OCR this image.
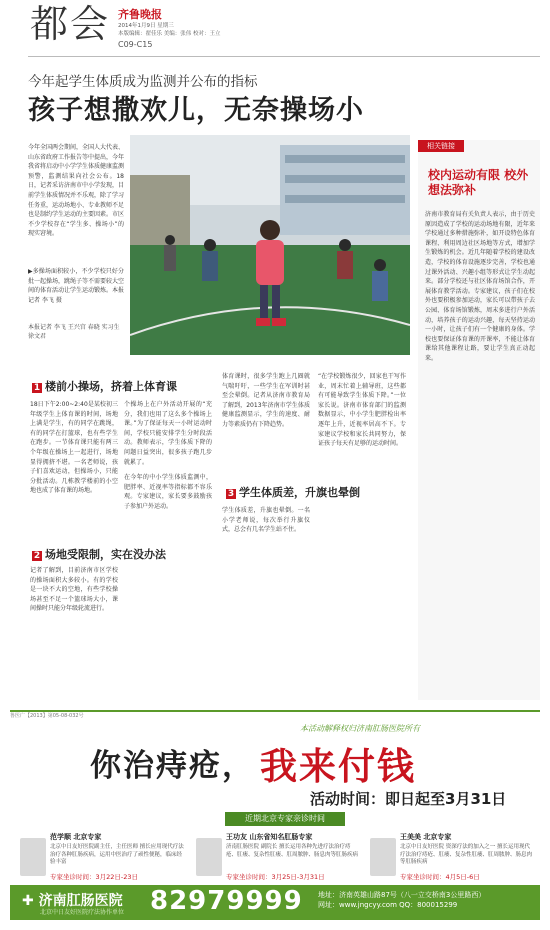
都会 齐鲁晚报
2014年1月9日 星期三
本版编辑：翟佳乐 美编：张伟 校对：王立
C09-C15
今年起学生体质成为监测并公布的指标
孩子想撒欢儿，无奈操场小
今年全国两会期间，全国人大代表、山东省政府工作报告等中提出，今年我省将启动中小学学生体质健康监测预警，监测结果向社会公布。18日，记者采访济南市中小学发现，目前学生体质情况并不乐观，除了学习任务重，运动场地小、专业教师不足也是制约学生运动的主要因素。市区不少学校存在“学生多、操场小”的现实窘境。
▶多操场面积较小，不少学校只好分批一起操场，跳绳子等不需要较大空间的体育活动让学生运动锻炼。本报记者 李飞 摄
本报记者 李飞 王兴宫 春晓 实习生 徐文君
1 楼前小操场，挤着上体育课
18日下午2:00~2:40是某校初三年级学生上体育课的时间，场地上满是学生，有的同学在跳绳，有的同学在打篮球，也有些学生在跑步。一节体育课只能有两三个年级在操场上一起进行，场地显得拥挤不堪。一名老师说，孩子们喜欢运动，但操场小，只能分批活动。几栋教学楼前的小空地也成了体育课的场地。
2 场地受限制，实在没办法
记者了解到，目前济南市区学校的操场面积大多较小。有的学校是一块不大的空地，有些学校操场甚至不足一个篮球场大小，课间操时只能分年级轮流进行。
个操场上在户外活动开展的“充分，我们也用了这么多个操场上课。”为了保证每天一小时运动时间，学校只能安排学生分时段活动。教师表示，学生体质下降的问题日益突出，很多孩子跑几步就累了。
在今年的中小学生体质监测中，肥胖率、近视率等指标都不容乐观。专家建议，家长要多鼓励孩子参加户外运动。
体育课时，很多学生跑上几圈就气喘吁吁，一些学生在军训时甚至会晕倒。记者从济南市教育局了解到，2013年济南市学生体质健康监测显示，学生的速度、耐力等素质仍有下降趋势。
3 学生体质差，升旗也晕倒
学生体质差，升旗也晕倒。一名小学老师说，每次举行升旗仪式，总会有几名学生站不住。
“在学校锻炼很少，回家也干写作业，周末忙着上辅导班，这些都有可能导致学生体质下降。”一位家长说。济南市体育部门的监测数据显示，中小学生肥胖检出率逐年上升，近视率居高不下。专家建议学校和家长共同努力，保证孩子每天有足够的运动时间。
相关链接
校内运动有限 校外想法弥补
济南市教育局有关负责人表示，由于历史原因造成了学校的运动场地有限，近年来学校通过多种措施弥补，如开设特色体育课程、利用周边社区场地等方式，增加学生锻炼的机会。近几年随着学校的建设改造，学校的体育设施逐步完善，学校也通过课外活动、兴趣小组等形式让学生动起来。部分学校还与社区体育场馆合作，开展体育教学活动。专家建议，孩子们在校外也要积极参加运动，家长可以带孩子去公园、体育场馆锻炼，周末多进行户外活动，培养孩子的运动兴趣，每天坚持运动一小时，让孩子们有一个健康的身体。学校也要保证体育课的开课率，不能让体育课给其他课程让路，要让学生真正动起来。
鲁医广【2013】第05-08-032号
本活动解释权归济南肛肠医院所有
你治痔疮， 我来付钱
活动时间：即日起至3月31日
近期北京专家亲诊时间
范学顺 北京专家
北京中日友好医院副主任，主任医师 擅长应用现代疗法治疗各种肛肠疾病，运用中医治疗了顽性便秘，临床经验丰富
专家坐诊时间：3月22日-23日
王功友 山东省知名肛肠专家
济南肛肠医院 副院长 擅长运用各种先进疗法治疗痔疮、肛瘘、复杂性肛瘘、肛周脓肿、肠息肉等肛肠疾病
专家坐诊时间：3月25日-3月31日
王美美 北京专家
北京中日友好医院 资深疗法的加入之一 擅长运用现代疗法治疗痔疮、肛瘘、复杂性肛瘘、肛周脓肿、肠息肉等肛肠疾病
专家坐诊时间：4月5日-6日
✚ 济南肛肠医院
北京中日友好医院疗法协作单位 82979999 地址：济南英雄山路87号（八一立交桥南3公里路西）
网址：www.jngcyy.com QQ：800015299
